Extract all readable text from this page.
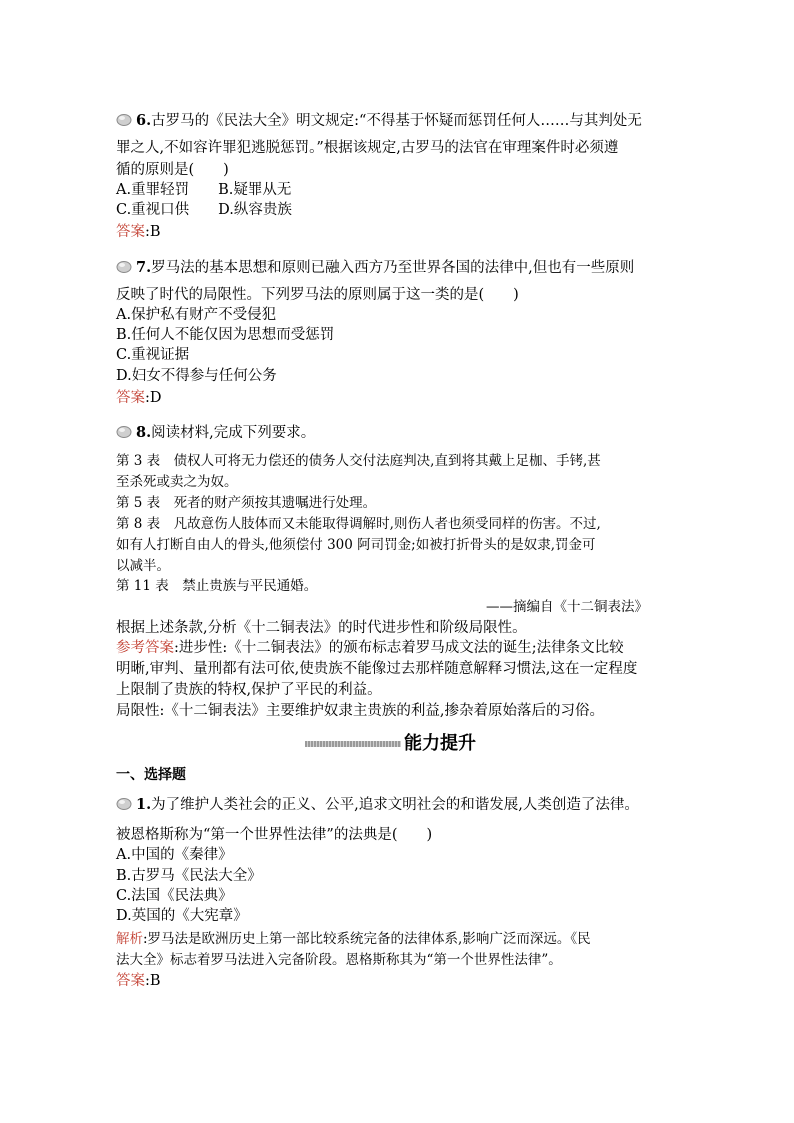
6.古罗马的《民法大全》明文规定:“不得基于怀疑而惩罚任何人……与其判处无
罪之人,不如容许罪犯逃脱惩罚。”根据该规定,古罗马的法官在审理案件时必须遵
循的原则是(　　)
A.重罪轻罚　　B.疑罪从无
C.重视口供　　D.纵容贵族
答案:B
7.罗马法的基本思想和原则已融入西方乃至世界各国的法律中,但也有一些原则
反映了时代的局限性。下列罗马法的原则属于这一类的是(　　)
A.保护私有财产不受侵犯
B.任何人不能仅因为思想而受惩罚
C.重视证据
D.妇女不得参与任何公务
答案:D
8.阅读材料,完成下列要求。
第 3 表　债权人可将无力偿还的债务人交付法庭判决,直到将其戴上足枷、手铐,甚
至杀死或卖之为奴。
第 5 表　死者的财产须按其遗嘱进行处理。
第 8 表　凡故意伤人肢体而又未能取得调解时,则伤人者也须受同样的伤害。不过,
如有人打断自由人的骨头,他须偿付 300 阿司罚金;如被打折骨头的是奴隶,罚金可
以减半。
第 11 表　禁止贵族与平民通婚。
——摘编自《十二铜表法》
根据上述条款,分析《十二铜表法》的时代进步性和阶级局限性。
参考答案:进步性:《十二铜表法》的颁布标志着罗马成文法的诞生;法律条文比较
明晰,审判、量刑都有法可依,使贵族不能像过去那样随意解释习惯法,这在一定程度
上限制了贵族的特权,保护了平民的利益。
局限性:《十二铜表法》主要维护奴隶主贵族的利益,掺杂着原始落后的习俗。
能力提升
一、选择题
1.为了维护人类社会的正义、公平,追求文明社会的和谐发展,人类创造了法律。
被恩格斯称为“第一个世界性法律”的法典是(　　)
A.中国的《秦律》
B.古罗马《民法大全》
C.法国《民法典》
D.英国的《大宪章》
解析:罗马法是欧洲历史上第一部比较系统完备的法律体系,影响广泛而深远。《民
法大全》标志着罗马法进入完备阶段。恩格斯称其为“第一个世界性法律”。
答案:B
